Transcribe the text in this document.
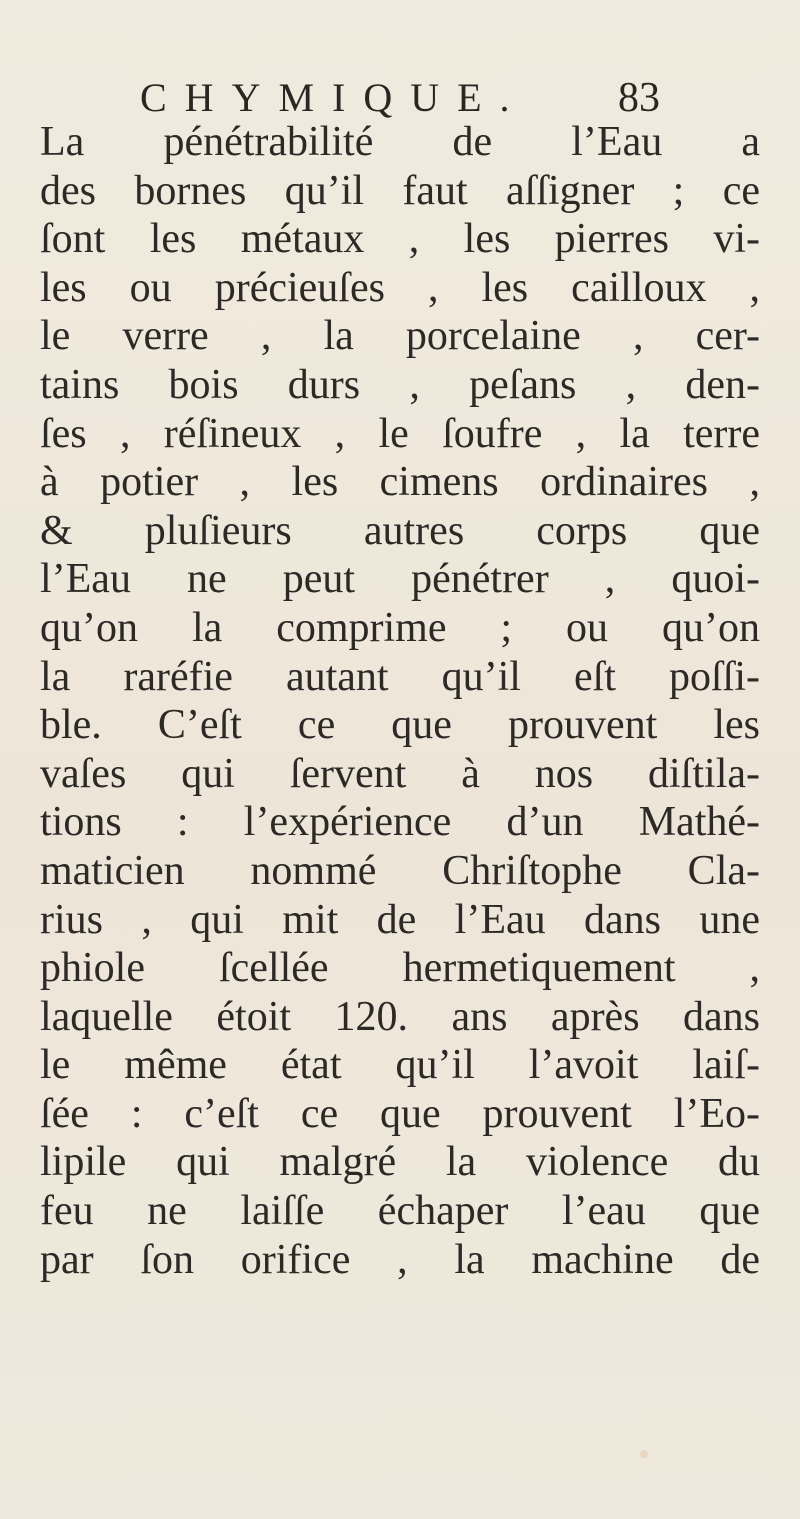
CHYMIQUE. 83
La pénétrabilité de l’Eau a
des bornes qu’il faut aſſigner ; ce
ſont les métaux , les pierres vi-
les ou précieuſes , les cailloux ,
le verre , la porcelaine , cer-
tains bois durs , peſans , den-
ſes , réſineux , le ſoufre , la terre
à potier , les cimens ordinaires ,
& pluſieurs autres corps que
l’Eau ne peut pénétrer , quoi-
qu’on la comprime ; ou qu’on
la raréfie autant qu’il eſt poſſi-
ble. C’eſt ce que prouvent les
vaſes qui ſervent à nos diſtila-
tions : l’expérience d’un Mathé-
maticien nommé Chriſtophe Cla-
rius , qui mit de l’Eau dans une
phiole ſcellée hermetiquement ,
laquelle étoit 120. ans après dans
le même état qu’il l’avoit laiſ-
ſée : c’eſt ce que prouvent l’Eo-
lipile qui malgré la violence du
feu ne laiſſe échaper l’eau que
par ſon orifice , la machine de
